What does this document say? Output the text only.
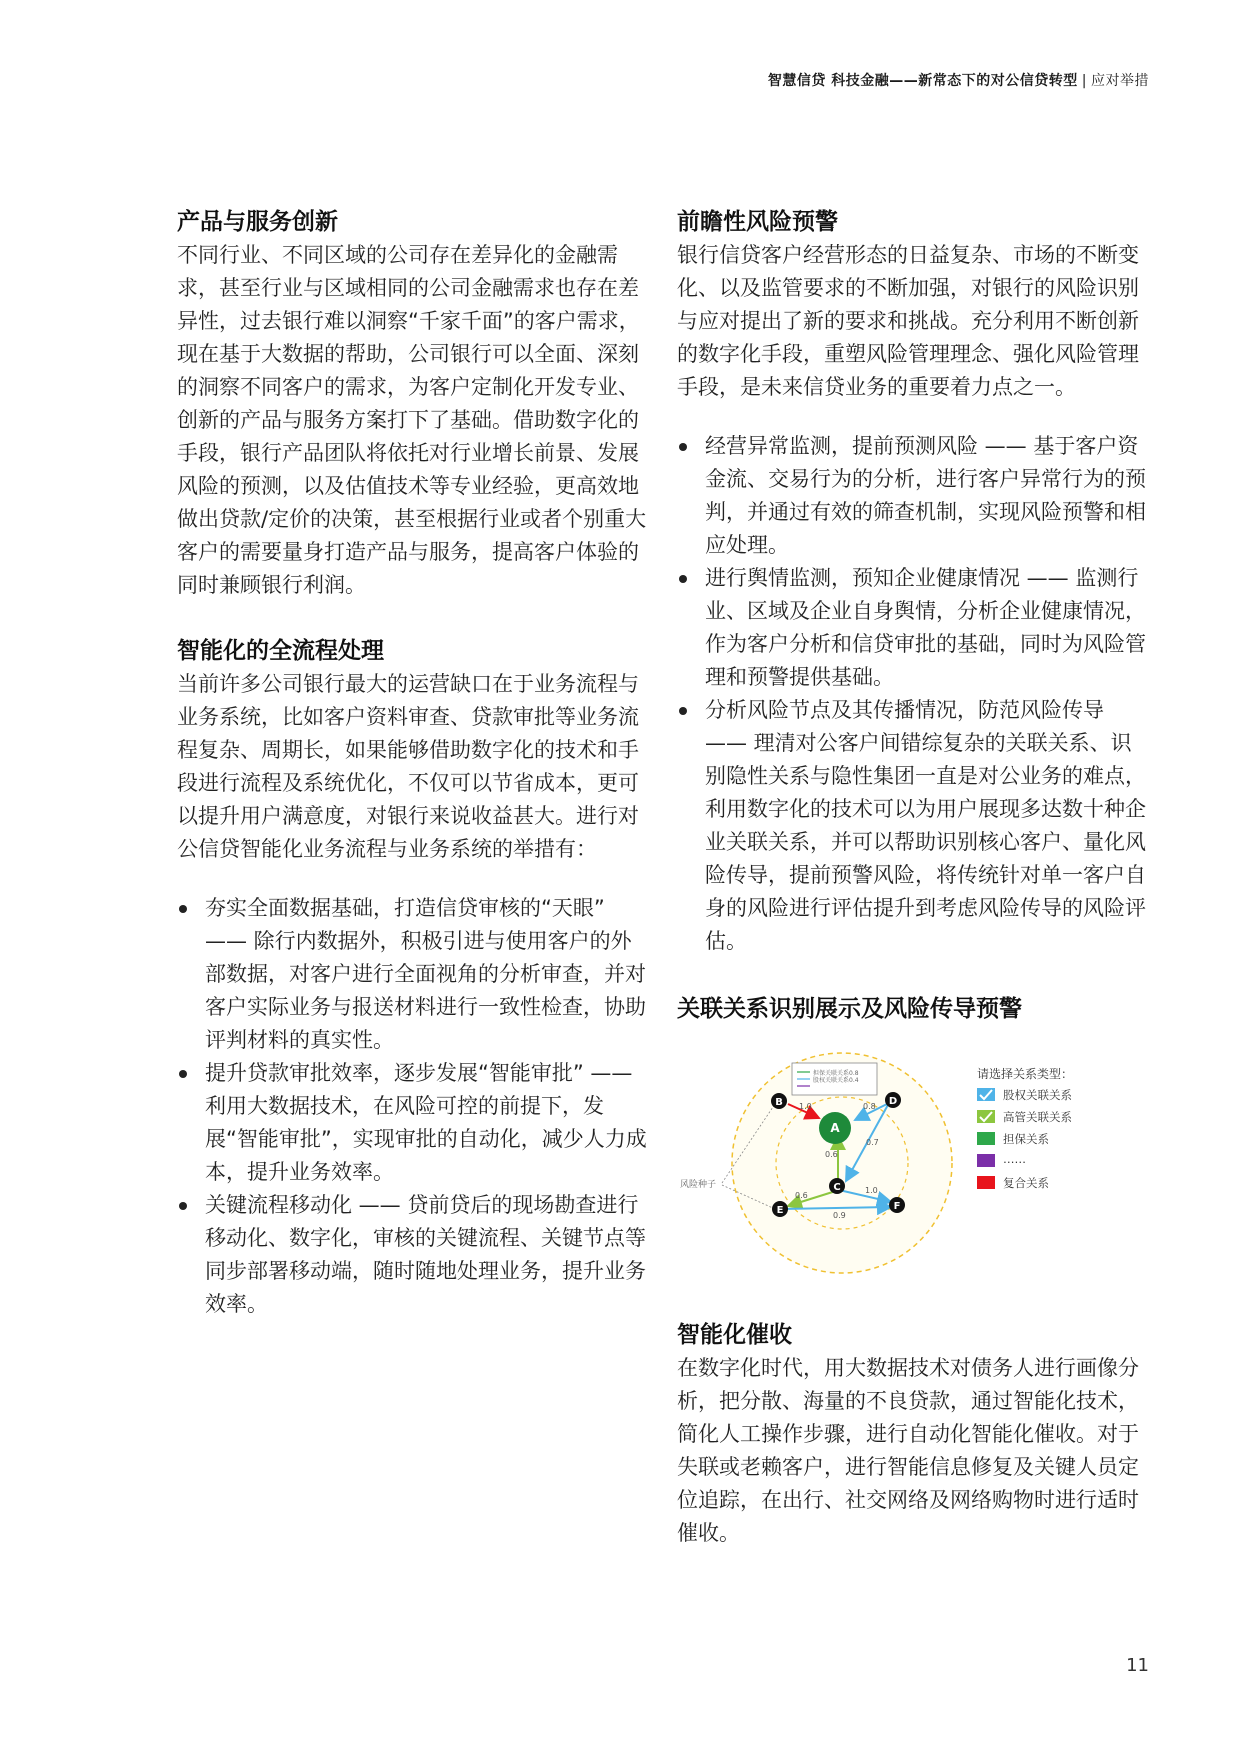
智慧信贷 科技金融——新常态下的对公信贷转型 | 应对举措
产品与服务创新

不同行业、不同区域的公司存在差异化的金融需求，甚至行业与区域相同的公司金融需求也存在差异性，过去银行难以洞察“千家千面”的客户需求，现在基于大数据的帮助，公司银行可以全面、深刻的洞察不同客户的需求，为客户定制化开发专业、创新的产品与服务方案打下了基础。借助数字化的手段，银行产品团队将依托对行业增长前景、发展风险的预测，以及估值技术等专业经验，更高效地做出贷款/定价的决策，甚至根据行业或者个别重大客户的需要量身打造产品与服务，提高客户体验的同时兼顾银行利润。

智能化的全流程处理

当前许多公司银行最大的运营缺口在于业务流程与业务系统，比如客户资料审查、贷款审批等业务流程复杂、周期长，如果能够借助数字化的技术和手段进行流程及系统优化，不仅可以节省成本，更可以提升用户满意度，对银行来说收益甚大。进行对公信贷智能化业务流程与业务系统的举措有：

夯实全面数据基础，打造信贷审核的“天眼” —— 除行内数据外，积极引进与使用客户的外部数据，对客户进行全面视角的分析审查，并对客户实际业务与报送材料进行一致性检查，协助评判材料的真实性。
提升贷款审批效率，逐步发展“智能审批” —— 利用大数据技术，在风险可控的前提下，发展“智能审批”，实现审批的自动化，减少人力成本，提升业务效率。
关键流程移动化 —— 贷前贷后的现场勘查进行移动化、数字化，审核的关键流程、关键节点等同步部署移动端，随时随地处理业务，提升业务效率。
前瞻性风险预警

银行信贷客户经营形态的日益复杂、市场的不断变化、以及监管要求的不断加强，对银行的风险识别与应对提出了新的要求和挑战。充分利用不断创新的数字化手段，重塑风险管理理念、强化风险管理手段，是未来信贷业务的重要着力点之一。

经营异常监测，提前预测风险 —— 基于客户资金流、交易行为的分析，进行客户异常行为的预判，并通过有效的筛查机制，实现风险预警和相应处理。
进行舆情监测，预知企业健康情况 —— 监测行业、区域及企业自身舆情，分析企业健康情况，作为客户分析和信贷审批的基础，同时为风险管理和预警提供基础。
分析风险节点及其传播情况，防范风险传导 —— 理清对公客户间错综复杂的关联关系、识别隐性关系与隐性集团一直是对公业务的难点，利用数字化的技术可以为用户展现多达数十种企业关联关系，并可以帮助识别核心客户、量化风险传导，提前预警风险，将传统针对单一客户自身的风险进行评估提升到考虑风险传导的风险评估。
关联关系识别展示及风险传导预警
担保关联关系0.8
股权关联关系0.4
风险种子
1.0	0.8
0.7
0.6
0.6
1.0
0.9
A
B
C
D
E	F
请选择关系类型：
股权关联关系
高管关联关系
担保关系
……
复合关系
智能化催收

在数字化时代，用大数据技术对债务人进行画像分析，把分散、海量的不良贷款，通过智能化技术，简化人工操作步骤，进行自动化智能化催收。对于失联或老赖客户，进行智能信息修复及关键人员定位追踪，在出行、社交网络及网络购物时进行适时催收。

11
